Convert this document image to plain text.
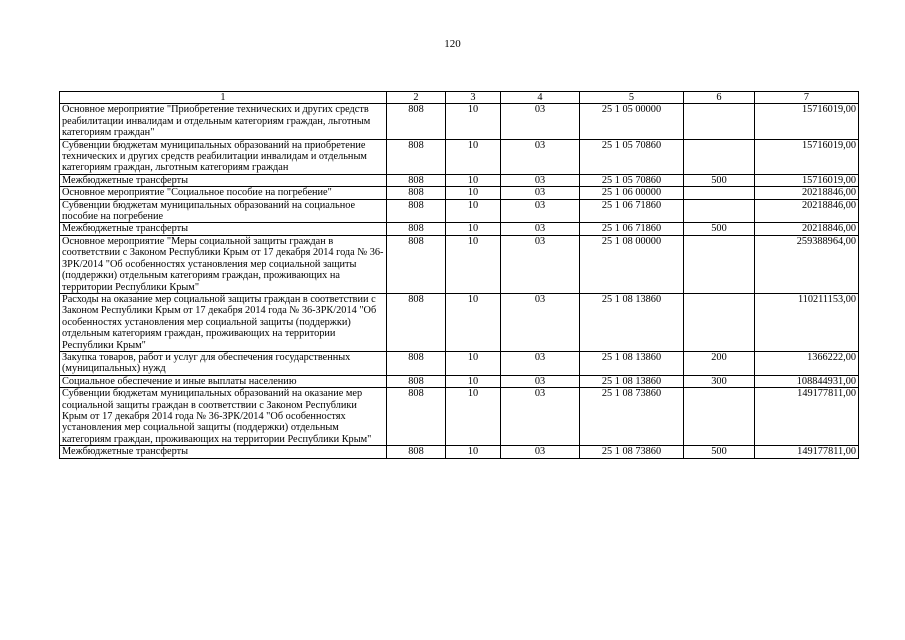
120
1	2	3	4	5	6	7
Основное мероприятие "Приобретение технических и других средств реабилитации инвалидам и отдельным категориям граждан, льготным категориям граждан"	808	10	03	25 1 05 00000		15716019,00
Субвенции бюджетам муниципальных образований на приобретение технических и других средств реабилитации инвалидам и отдельным категориям граждан, льготным категориям граждан	808	10	03	25 1 05 70860		15716019,00
Межбюджетные трансферты	808	10	03	25 1 05 70860	500	15716019,00
Основное мероприятие "Социальное пособие на погребение"	808	10	03	25 1 06 00000		20218846,00
Субвенции бюджетам муниципальных образований на социальное пособие на погребение	808	10	03	25 1 06 71860		20218846,00
Межбюджетные трансферты	808	10	03	25 1 06 71860	500	20218846,00
Основное мероприятие "Меры социальной защиты граждан в соответствии с Законом Республики Крым от 17 декабря 2014 года № 36-ЗРК/2014 "Об особенностях установления мер социальной защиты (поддержки) отдельным категориям граждан, проживающих на территории Республики Крым"	808	10	03	25 1 08 00000		259388964,00
Расходы на оказание мер социальной защиты граждан в соответствии с Законом Республики Крым от 17 декабря 2014 года № 36-ЗРК/2014 "Об особенностях установления мер социальной защиты (поддержки) отдельным категориям граждан, проживающих на территории Республики Крым"	808	10	03	25 1 08 13860		110211153,00
Закупка товаров, работ и услуг для обеспечения государственных (муниципальных) нужд	808	10	03	25 1 08 13860	200	1366222,00
Социальное обеспечение и иные выплаты населению	808	10	03	25 1 08 13860	300	108844931,00
Субвенции бюджетам муниципальных образований на оказание мер социальной защиты граждан в соответствии с Законом Республики Крым от 17 декабря 2014 года № 36-ЗРК/2014 "Об особенностях установления мер социальной защиты (поддержки) отдельным категориям граждан, проживающих на территории Республики Крым"	808	10	03	25 1 08 73860		149177811,00
Межбюджетные трансферты	808	10	03	25 1 08 73860	500	149177811,00
